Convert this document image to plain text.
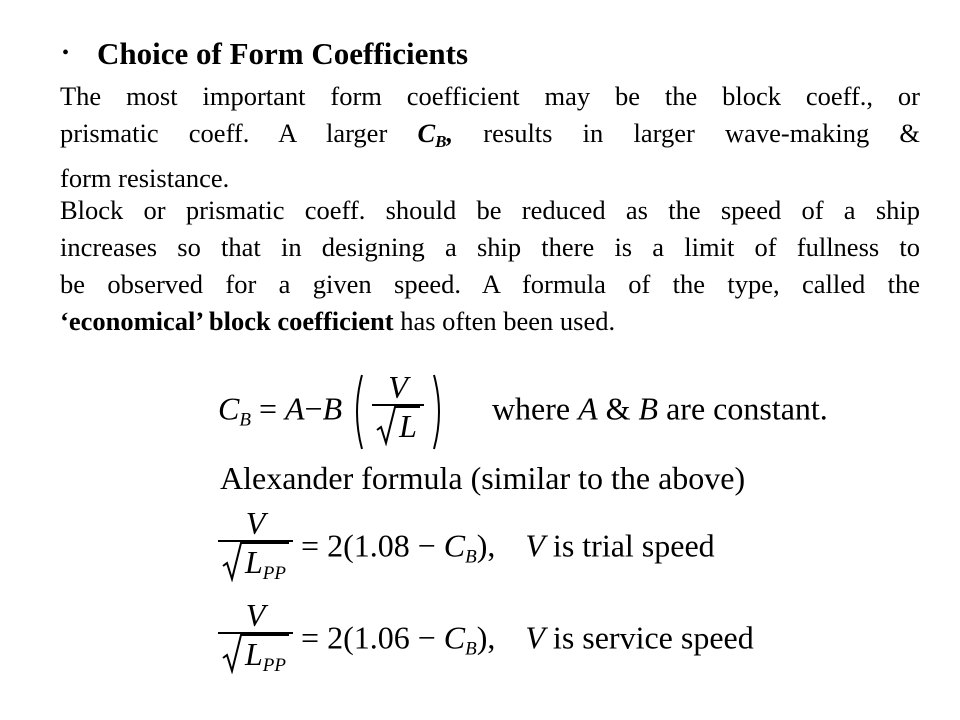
• Choice of Form Coefficients
The most important form coefficient may be the block coeff., or
prismatic coeff. A larger $C_B$, results in larger wave-making &
form resistance.
Block or prismatic coeff. should be reduced as the speed of a ship
increases so that in designing a ship there is a limit of fullness to
be observed for a given speed. A formula of the type, called the
‘economical’ block coefficient has often been used.
$C_B = A-B \frac{V}{L}$ where A & B are constant.
Alexander formula (similar to the above)
$\frac{V}{L_{PP}} = 2(1.08 - C_B)$, V is trial speed
$\frac{V}{L_{PP}} = 2(1.06 - C_B)$, V is service speed
